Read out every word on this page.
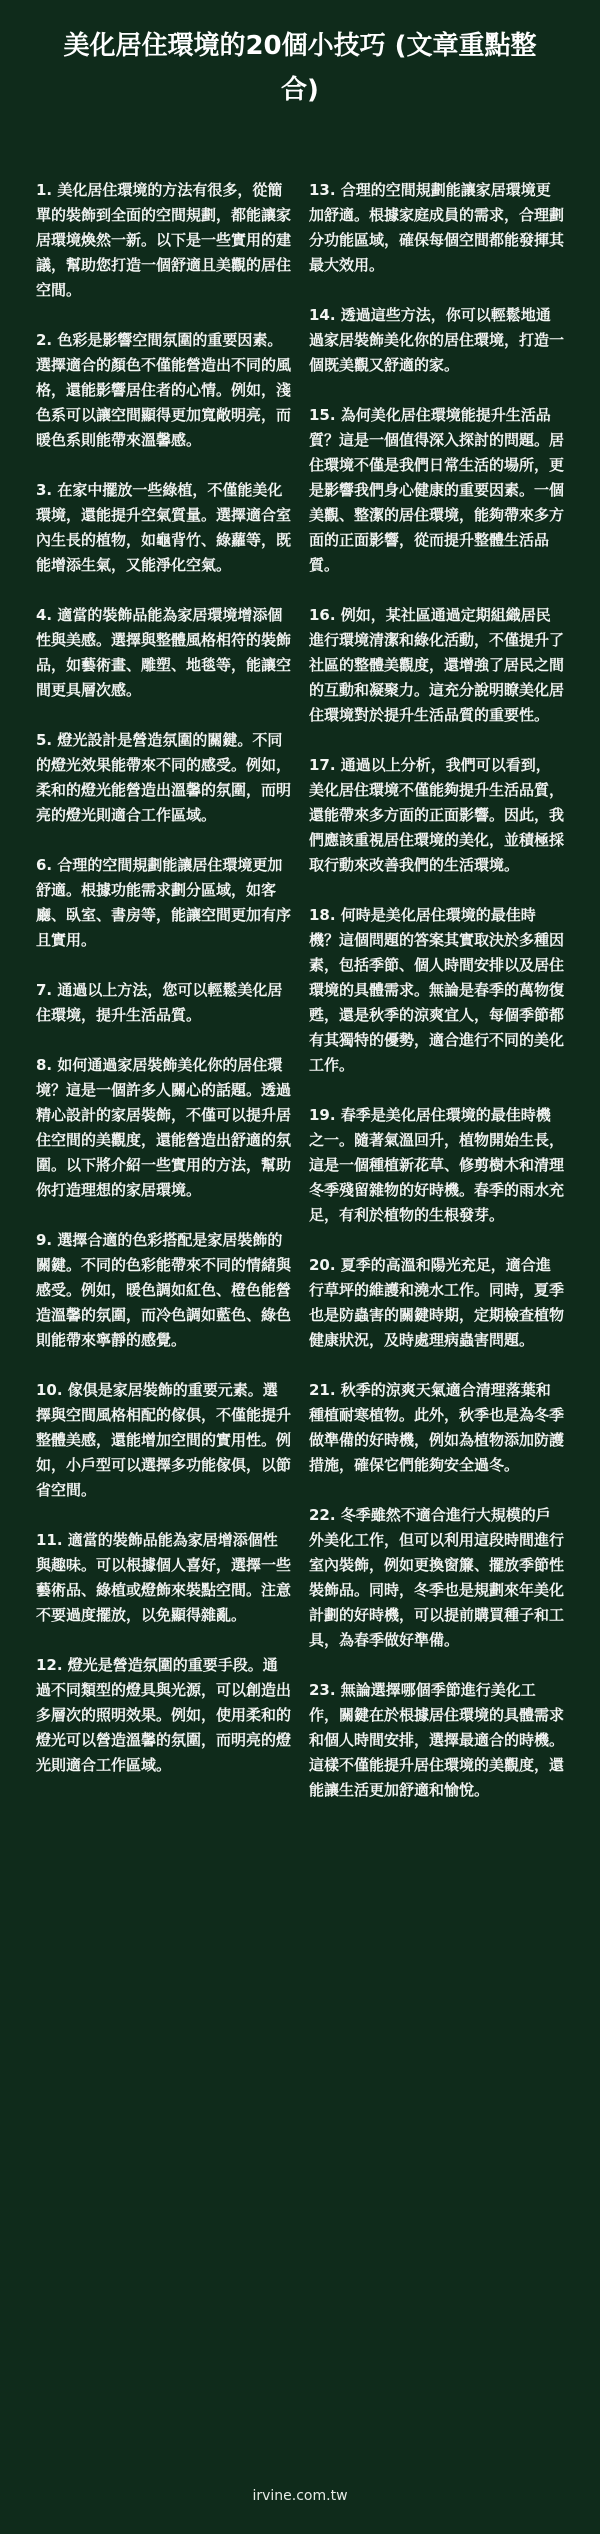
美化居住環境的20個小技巧 (文章重點整合)

1. 美化居住環境的方法有很多，從簡單的裝飾到全面的空間規劃，都能讓家居環境煥然一新。以下是一些實用的建議，幫助您打造一個舒適且美觀的居住空間。

2. 色彩是影響空間氛圍的重要因素。選擇適合的顏色不僅能營造出不同的風格，還能影響居住者的心情。例如，淺色系可以讓空間顯得更加寬敞明亮，而暖色系則能帶來溫馨感。

3. 在家中擺放一些綠植，不僅能美化環境，還能提升空氣質量。選擇適合室內生長的植物，如龜背竹、綠蘿等，既能增添生氣，又能淨化空氣。

4. 適當的裝飾品能為家居環境增添個性與美感。選擇與整體風格相符的裝飾品，如藝術畫、雕塑、地毯等，能讓空間更具層次感。

5. 燈光設計是營造氛圍的關鍵。不同的燈光效果能帶來不同的感受。例如，柔和的燈光能營造出溫馨的氛圍，而明亮的燈光則適合工作區域。

6. 合理的空間規劃能讓居住環境更加舒適。根據功能需求劃分區域，如客廳、臥室、書房等，能讓空間更加有序且實用。

7. 通過以上方法，您可以輕鬆美化居住環境，提升生活品質。

8. 如何通過家居裝飾美化你的居住環境？這是一個許多人關心的話題。透過精心設計的家居裝飾，不僅可以提升居住空間的美觀度，還能營造出舒適的氛圍。以下將介紹一些實用的方法，幫助你打造理想的家居環境。

9. 選擇合適的色彩搭配是家居裝飾的關鍵。不同的色彩能帶來不同的情緒與感受。例如，暖色調如紅色、橙色能營造溫馨的氛圍，而冷色調如藍色、綠色則能帶來寧靜的感覺。

10. 傢俱是家居裝飾的重要元素。選擇與空間風格相配的傢俱，不僅能提升整體美感，還能增加空間的實用性。例如，小戶型可以選擇多功能傢俱，以節省空間。

11. 適當的裝飾品能為家居增添個性與趣味。可以根據個人喜好，選擇一些藝術品、綠植或燈飾來裝點空間。注意不要過度擺放，以免顯得雜亂。

12. 燈光是營造氛圍的重要手段。通過不同類型的燈具與光源，可以創造出多層次的照明效果。例如，使用柔和的燈光可以營造溫馨的氛圍，而明亮的燈光則適合工作區域。

13. 合理的空間規劃能讓家居環境更加舒適。根據家庭成員的需求，合理劃分功能區域，確保每個空間都能發揮其最大效用。

14. 透過這些方法，你可以輕鬆地通過家居裝飾美化你的居住環境，打造一個既美觀又舒適的家。

15. 為何美化居住環境能提升生活品質？這是一個值得深入探討的問題。居住環境不僅是我們日常生活的場所，更是影響我們身心健康的重要因素。一個美觀、整潔的居住環境，能夠帶來多方面的正面影響，從而提升整體生活品質。

16. 例如，某社區通過定期組織居民進行環境清潔和綠化活動，不僅提升了社區的整體美觀度，還增強了居民之間的互動和凝聚力。這充分說明瞭美化居住環境對於提升生活品質的重要性。

17. 通過以上分析，我們可以看到，美化居住環境不僅能夠提升生活品質，還能帶來多方面的正面影響。因此，我們應該重視居住環境的美化，並積極採取行動來改善我們的生活環境。

18. 何時是美化居住環境的最佳時機？這個問題的答案其實取決於多種因素，包括季節、個人時間安排以及居住環境的具體需求。無論是春季的萬物復甦，還是秋季的涼爽宜人，每個季節都有其獨特的優勢，適合進行不同的美化工作。

19. 春季是美化居住環境的最佳時機之一。隨著氣溫回升，植物開始生長，這是一個種植新花草、修剪樹木和清理冬季殘留雜物的好時機。春季的雨水充足，有利於植物的生根發芽。

20. 夏季的高溫和陽光充足，適合進行草坪的維護和澆水工作。同時，夏季也是防蟲害的關鍵時期，定期檢查植物健康狀況，及時處理病蟲害問題。

21. 秋季的涼爽天氣適合清理落葉和種植耐寒植物。此外，秋季也是為冬季做準備的好時機，例如為植物添加防護措施，確保它們能夠安全過冬。

22. 冬季雖然不適合進行大規模的戶外美化工作，但可以利用這段時間進行室內裝飾，例如更換窗簾、擺放季節性裝飾品。同時，冬季也是規劃來年美化計劃的好時機，可以提前購買種子和工具，為春季做好準備。

23. 無論選擇哪個季節進行美化工作，關鍵在於根據居住環境的具體需求和個人時間安排，選擇最適合的時機。這樣不僅能提升居住環境的美觀度，還能讓生活更加舒適和愉悅。

irvine.com.tw
